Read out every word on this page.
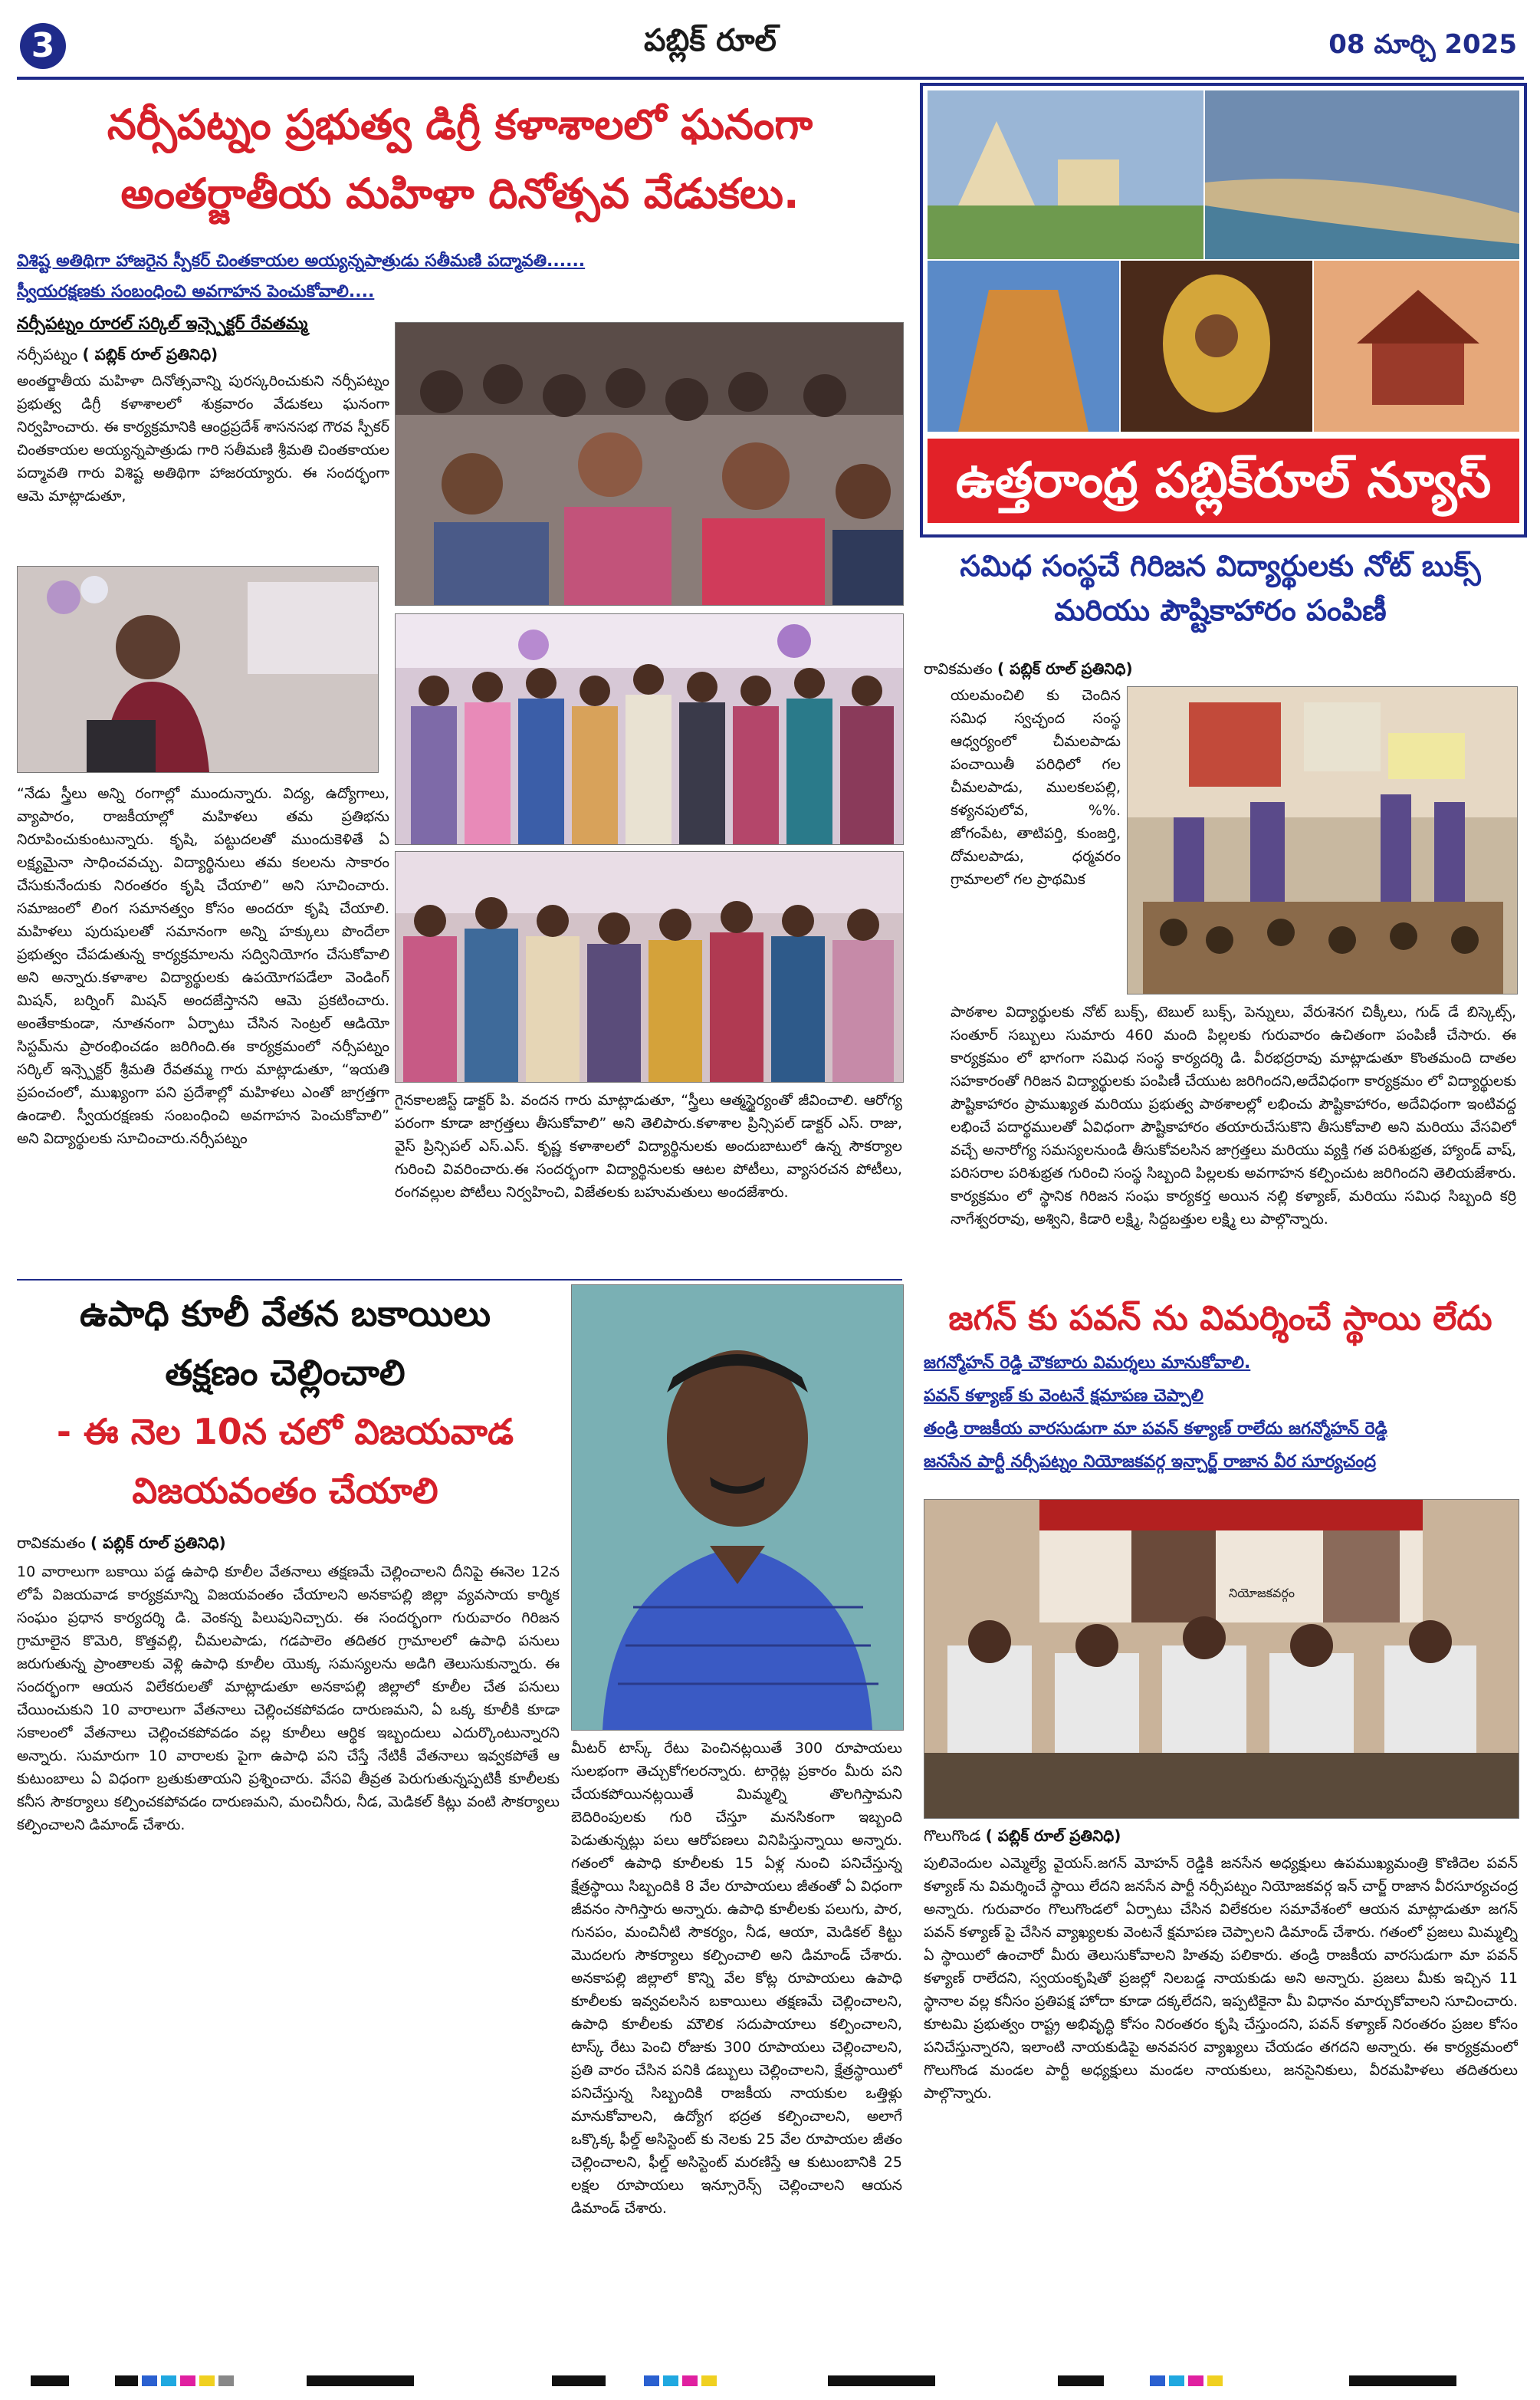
3	పబ్లిక్ రూల్	08 మార్చి 2025
నర్సీపట్నం ప్రభుత్వ డిగ్రీ కళాశాలలో ఘనంగా
అంతర్జాతీయ మహిళా దినోత్సవ వేడుకలు.
విశిష్ట అతిథిగా హాజరైన స్పీకర్ చింతకాయల అయ్యన్నపాత్రుడు సతీమణి పద్మావతి......
స్వీయరక్షణకు సంబంధించి అవగాహన పెంచుకోవాలి....
నర్సీపట్నం రూరల్ సర్కిల్ ఇన్స్పెక్టర్ రేవతమ్మ
నర్సీపట్నం ( పబ్లిక్ రూల్ ప్రతినిధి)
అంతర్జాతీయ మహిళా దినోత్సవాన్ని పురస్కరించుకుని నర్సీపట్నం ప్రభుత్వ డిగ్రీ కళాశాలలో శుక్రవారం వేడుకలు ఘనంగా నిర్వహించారు. ఈ కార్యక్రమానికి ఆంధ్రప్రదేశ్ శాసనసభ గౌరవ స్పీకర్ చింతకాయల అయ్యన్నపాత్రుడు గారి సతీమణి శ్రీమతి చింతకాయల పద్మావతి గారు విశిష్ట అతిథిగా హాజరయ్యారు. ఈ సందర్భంగా ఆమె మాట్లాడుతూ,
“నేడు స్త్రీలు అన్ని రంగాల్లో ముందున్నారు. విద్య, ఉద్యోగాలు, వ్యాపారం, రాజకీయాల్లో మహిళలు తమ ప్రతిభను నిరూపించుకుంటున్నారు. కృషి, పట్టుదలతో ముందుకెళితే ఏ లక్ష్యమైనా సాధించవచ్చు. విద్యార్థినులు తమ కలలను సాకారం చేసుకునేందుకు నిరంతరం కృషి చేయాలి” అని సూచించారు. సమాజంలో లింగ సమానత్వం కోసం అందరూ కృషి చేయాలి. మహిళలు పురుషులతో సమానంగా అన్ని హక్కులు పొందేలా ప్రభుత్వం చేపడుతున్న కార్యక్రమాలను సద్వినియోగం చేసుకోవాలి అని అన్నారు.కళాశాల విద్యార్థులకు ఉపయోగపడేలా వెండింగ్ మిషన్, బర్నింగ్ మిషన్ అందజేస్తానని ఆమె ప్రకటించారు. అంతేకాకుండా, నూతనంగా ఏర్పాటు చేసిన సెంట్రల్ ఆడియో సిస్టమ్‌ను ప్రారంభించడం జరిగింది.ఈ కార్యక్రమంలో నర్సీపట్నం సర్కిల్ ఇన్స్పెక్టర్ శ్రీమతి రేవతమ్మ గారు మాట్లాడుతూ, “ఇయతి ప్రపంచంలో, ముఖ్యంగా పని ప్రదేశాల్లో మహిళలు ఎంతో జాగ్రత్తగా ఉండాలి. స్వీయరక్షణకు సంబంధించి అవగాహన పెంచుకోవాలి” అని విద్యార్థులకు సూచించారు.నర్సీపట్నం
గైనకాలజిస్ట్ డాక్టర్ పి. వందన గారు మాట్లాడుతూ, “స్త్రీలు ఆత్మస్థైర్యంతో జీవించాలి. ఆరోగ్య పరంగా కూడా జాగ్రత్తలు తీసుకోవాలి” అని తెలిపారు.కళాశాల ప్రిన్సిపల్ డాక్టర్ ఎస్. రాజు, వైస్ ప్రిన్సిపల్ ఎస్.ఎస్. కృష్ణ కళాశాలలో విద్యార్థినులకు అందుబాటులో ఉన్న సౌకర్యాల గురించి వివరించారు.ఈ సందర్భంగా విద్యార్థినులకు ఆటల పోటీలు, వ్యాసరచన పోటీలు, రంగవల్లుల పోటీలు నిర్వహించి, విజేతలకు బహుమతులు అందజేశారు.
ఉత్తరాంధ్ర పబ్లిక్‌రూల్ న్యూస్
సమిధ సంస్థచే గిరిజన విద్యార్థులకు నోట్ బుక్స్
మరియు పౌష్టికాహారం పంపిణీ
రావికమతం ( పబ్లిక్ రూల్ ప్రతినిధి)
యలమంచిలి కు చెందిన సమిధ స్వచ్ఛంద సంస్థ ఆధ్వర్యంలో చీమలపాడు పంచాయితీ పరిధిలో గల చీమలపాడు, ములకలపల్లి, కళ్యనపులోవ, %%. జోగంపేట, తాటిపర్తి, కుంజర్తి, దోమలపాడు, ధర్మవరం గ్రామాలలో గల ప్రాథమిక
పాఠశాల విద్యార్థులకు నోట్ బుక్స్, టెబుల్ బుక్స్, పెన్నులు, వేరుశెనగ చిక్కీలు, గుడ్ డే బిస్కెట్స్, సంతూర్ సబ్బులు సుమారు 460 మంది పిల్లలకు గురువారం ఉచితంగా పంపిణీ చేసారు. ఈ కార్యక్రమం లో భాగంగా సమిధ సంస్థ కార్యదర్శి డి. వీరభద్రరావు మాట్లాడుతూ కొంతమంది దాతల సహకారంతో గిరిజన విద్యార్థులకు పంపిణీ చేయుట జరిగిందని,అదేవిధంగా కార్యక్రమం లో విద్యార్థులకు పౌష్టికాహారం ప్రాముఖ్యత మరియు ప్రభుత్వ పాఠశాలల్లో లభించు పౌష్టికాహారం, అదేవిధంగా ఇంటివద్ద లభించే పదార్థములతో ఏవిధంగా పౌష్టికాహారం తయారుచేసుకొని తీసుకోవాలి అని మరియు వేసవిలో వచ్చే అనారోగ్య సమస్యలనుండి తీసుకోవలసిన జాగ్రత్తలు మరియు వ్యక్తి గత పరిశుభ్రత, హ్యాండ్ వాష్, పరిసరాల పరిశుభ్రత గురించి సంస్థ సిబ్బంది పిల్లలకు అవగాహన కల్పించుట జరిగిందని తెలియజేశారు. కార్యక్రమం లో స్థానిక గిరిజన సంఘ కార్యకర్త అయిన నల్లి కళ్యాణ్, మరియు సమిధ సిబ్బంది కర్రి నాగేశ్వరరావు, అశ్విని, కిడారి లక్ష్మి, సిద్దబత్తుల లక్ష్మి లు పాల్గొన్నారు.
ఉపాధి కూలీ వేతన బకాయిలు
తక్షణం చెల్లించాలి
- ఈ నెల 10న చలో విజయవాడ
విజయవంతం చేయాలి
రావికమతం ( పబ్లిక్ రూల్ ప్రతినిధి)
10 వారాలుగా బకాయి పడ్డ ఉపాధి కూలీల వేతనాలు తక్షణమే చెల్లించాలని దీనిపై ఈనెల 12న లోపే విజయవాడ కార్యక్రమాన్ని విజయవంతం చేయాలని అనకాపల్లి జిల్లా వ్యవసాయ కార్మిక సంఘం ప్రధాన కార్యదర్శి డి. వెంకన్న పిలుపునిచ్చారు. ఈ సందర్భంగా గురువారం గిరిజన గ్రామాలైన కొమెరి, కొత్తవల్లి, చీమలపాడు, గడపాలెం తదితర గ్రామాలలో ఉపాధి పనులు జరుగుతున్న ప్రాంతాలకు వెళ్లి ఉపాధి కూలీల యొక్క సమస్యలను అడిగి తెలుసుకున్నారు. ఈ సందర్భంగా ఆయన విలేకరులతో మాట్లాడుతూ అనకాపల్లి జిల్లాలో కూలీల చేత పనులు చేయించుకుని 10 వారాలుగా వేతనాలు చెల్లించకపోవడం దారుణమని, ఏ ఒక్క కూలీకి కూడా సకాలంలో వేతనాలు చెల్లించకపోవడం వల్ల కూలీలు ఆర్థిక ఇబ్బందులు ఎదుర్కొంటున్నారని అన్నారు. సుమారుగా 10 వారాలకు పైగా ఉపాధి పని చేస్తే నేటికీ వేతనాలు ఇవ్వకపోతే ఆ కుటుంబాలు ఏ విధంగా బ్రతుకుతాయని ప్రశ్నించారు. వేసవి తీవ్రత పెరుగుతున్నప్పటికీ కూలీలకు కనీస సౌకర్యాలు కల్పించకపోవడం దారుణమని, మంచినీరు, నీడ, మెడికల్ కిట్లు వంటి సౌకర్యాలు కల్పించాలని డిమాండ్ చేశారు.
మీటర్ టాస్క్ రేటు పెంచినట్లయితే 300 రూపాయలు సులభంగా తెచ్చుకోగలరన్నారు. టార్గెట్ల ప్రకారం మీరు పని చేయకపోయినట్లయితే మిమ్మల్ని తొలగిస్తామని బెదిరింపులకు గురి చేస్తూ మనసికంగా ఇబ్బంది పెడుతున్నట్లు పలు ఆరోపణలు వినిపిస్తున్నాయి అన్నారు. గతంలో ఉపాధి కూలీలకు 15 ఏళ్ల నుంచి పనిచేస్తున్న క్షేత్రస్థాయి సిబ్బందికి 8 వేల రూపాయలు జీతంతో ఏ విధంగా జీవనం సాగిస్తారు అన్నారు. ఉపాధి కూలీలకు పలుగు, పార, గునపం, మంచినీటి సౌకర్యం, నీడ, ఆయా, మెడికల్ కిట్టు మొదలగు సౌకర్యాలు కల్పించాలి అని డిమాండ్ చేశారు. అనకాపల్లి జిల్లాలో కొన్ని వేల కోట్ల రూపాయలు ఉపాధి కూలీలకు ఇవ్వవలసిన బకాయిలు తక్షణమే చెల్లించాలని, ఉపాధి కూలీలకు మౌలిక సదుపాయాలు కల్పించాలని, టాస్క్ రేటు పెంచి రోజుకు 300 రూపాయలు చెల్లించాలని, ప్రతి వారం చేసిన పనికి డబ్బులు చెల్లించాలని, క్షేత్రస్థాయిలో పనిచేస్తున్న సిబ్బందికి రాజకీయ నాయకుల ఒత్తిళ్లు మానుకోవాలని, ఉద్యోగ భద్రత కల్పించాలని, అలాగే ఒక్కొక్క ఫీల్డ్ అసిస్టెంట్ కు నెలకు 25 వేల రూపాయల జీతం చెల్లించాలని, ఫీల్డ్ అసిస్టెంట్ మరణిస్తే ఆ కుటుంబానికి 25 లక్షల రూపాయలు ఇన్సూరెన్స్ చెల్లించాలని ఆయన డిమాండ్ చేశారు.
జగన్ కు పవన్ ను విమర్శించే స్థాయి లేదు
జగన్మోహన్ రెడ్డి చౌకబారు విమర్శలు మానుకోవాలి.
పవన్ కళ్యాణ్ కు వెంటనే క్షమాపణ చెప్పాలి
తండ్రి రాజకీయ వారసుడుగా మా పవన్ కళ్యాణ్ రాలేదు జగన్మోహన్ రెడ్డి
జనసేన పార్టీ నర్సీపట్నం నియోజకవర్గ ఇన్చార్జ్ రాజాన వీర సూర్యచంద్ర
నియోజకవర్గం
గొలుగొండ ( పబ్లిక్ రూల్ ప్రతినిధి)
పులివెందుల ఎమ్మెల్యే వైయస్.జగన్ మోహన్ రెడ్డికి జనసేన అధ్యక్షులు ఉపముఖ్యమంత్రి కొణిదెల పవన్ కళ్యాణ్ ను విమర్శించే స్థాయి లేదని జనసేన పార్టీ నర్సీపట్నం నియోజకవర్గ ఇన్ చార్జ్ రాజాన వీరసూర్యచంద్ర అన్నారు. గురువారం గొలుగొండలో ఏర్పాటు చేసిన విలేకరుల సమావేశంలో ఆయన మాట్లాడుతూ జగన్ పవన్ కళ్యాణ్ పై చేసిన వ్యాఖ్యలకు వెంటనే క్షమాపణ చెప్పాలని డిమాండ్ చేశారు. గతంలో ప్రజలు మిమ్మల్ని ఏ స్థాయిలో ఉంచారో మీరు తెలుసుకోవాలని హితవు పలికారు. తండ్రి రాజకీయ వారసుడుగా మా పవన్ కళ్యాణ్ రాలేదని, స్వయంకృషితో ప్రజల్లో నిలబడ్డ నాయకుడు అని అన్నారు. ప్రజలు మీకు ఇచ్చిన 11 స్థానాల వల్ల కనీసం ప్రతిపక్ష హోదా కూడా దక్కలేదని, ఇప్పటికైనా మీ విధానం మార్చుకోవాలని సూచించారు. కూటమి ప్రభుత్వం రాష్ట్ర అభివృద్ధి కోసం నిరంతరం కృషి చేస్తుందని, పవన్ కళ్యాణ్ నిరంతరం ప్రజల కోసం పనిచేస్తున్నారని, ఇలాంటి నాయకుడిపై అనవసర వ్యాఖ్యలు చేయడం తగదని అన్నారు. ఈ కార్యక్రమంలో గొలుగొండ మండల పార్టీ అధ్యక్షులు మండల నాయకులు, జనసైనికులు, వీరమహిళలు తదితరులు పాల్గొన్నారు.
